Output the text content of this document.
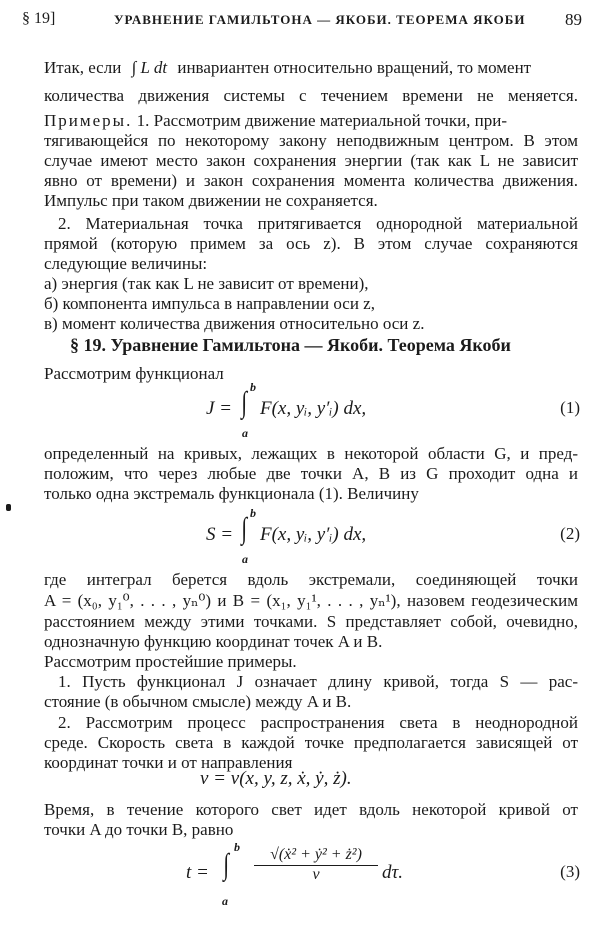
§ 19]	УРАВНЕНИЕ ГАМИЛЬТОНА — ЯКОБИ. ТЕОРЕМА ЯКОБИ 89
Итак, если ∫ L dt инвариантен относительно вращений, то момент
количества движения системы с течением времени не меняется.
Примеры. 1. Рассмотрим движение материальной точки, при-
тягивающейся по некоторому закону неподвижным центром. В этом
случае имеют место закон сохранения энергии (так как L не зависит
явно от времени) и закон сохранения момента количества движения.
Импульс при таком движении не сохраняется.
2. Материальная точка притягивается однородной материальной
прямой (которую примем за ось z). В этом случае сохраняются
следующие величины:
а) энергия (так как L не зависит от времени),
б) компонента импульса в направлении оси z,
в) момент количества движения относительно оси z.
§ 19. Уравнение Гамильтона — Якоби. Теорема Якоби
Рассмотрим функционал
J =
b
∫
a
F(x, yᵢ, y′ᵢ) dx,	(1)
определенный на кривых, лежащих в некоторой области G, и пред-
положим, что через любые две точки A, B из G проходит одна и
только одна экстремаль функционала (1). Величину
S =
b
∫
a
F(x, yᵢ, y′ᵢ) dx,	(2)
где интеграл берется вдоль экстремали, соединяющей точки
A = (x₀, y₁⁰, . . . , yₙ⁰) и B = (x₁, y₁¹, . . . , yₙ¹), назовем геодезическим
расстоянием между этими точками. S представляет собой, очевидно,
однозначную функцию координат точек A и B.
Рассмотрим простейшие примеры.
1. Пусть функционал J означает длину кривой, тогда S — рас-
стояние (в обычном смысле) между A и B.
2. Рассмотрим процесс распространения света в неоднородной
среде. Скорость света в каждой точке предполагается зависящей от
координат точки и от направления
v = v(x, y, z, ẋ, ẏ, ż).
Время, в течение которого свет идет вдоль некоторой кривой от
точки A до точки B, равно
t =
b
∫
a
$\frac{\text{√(ẋ² + ẏ² + ż²)}}{v} d\tau$.	(3)
